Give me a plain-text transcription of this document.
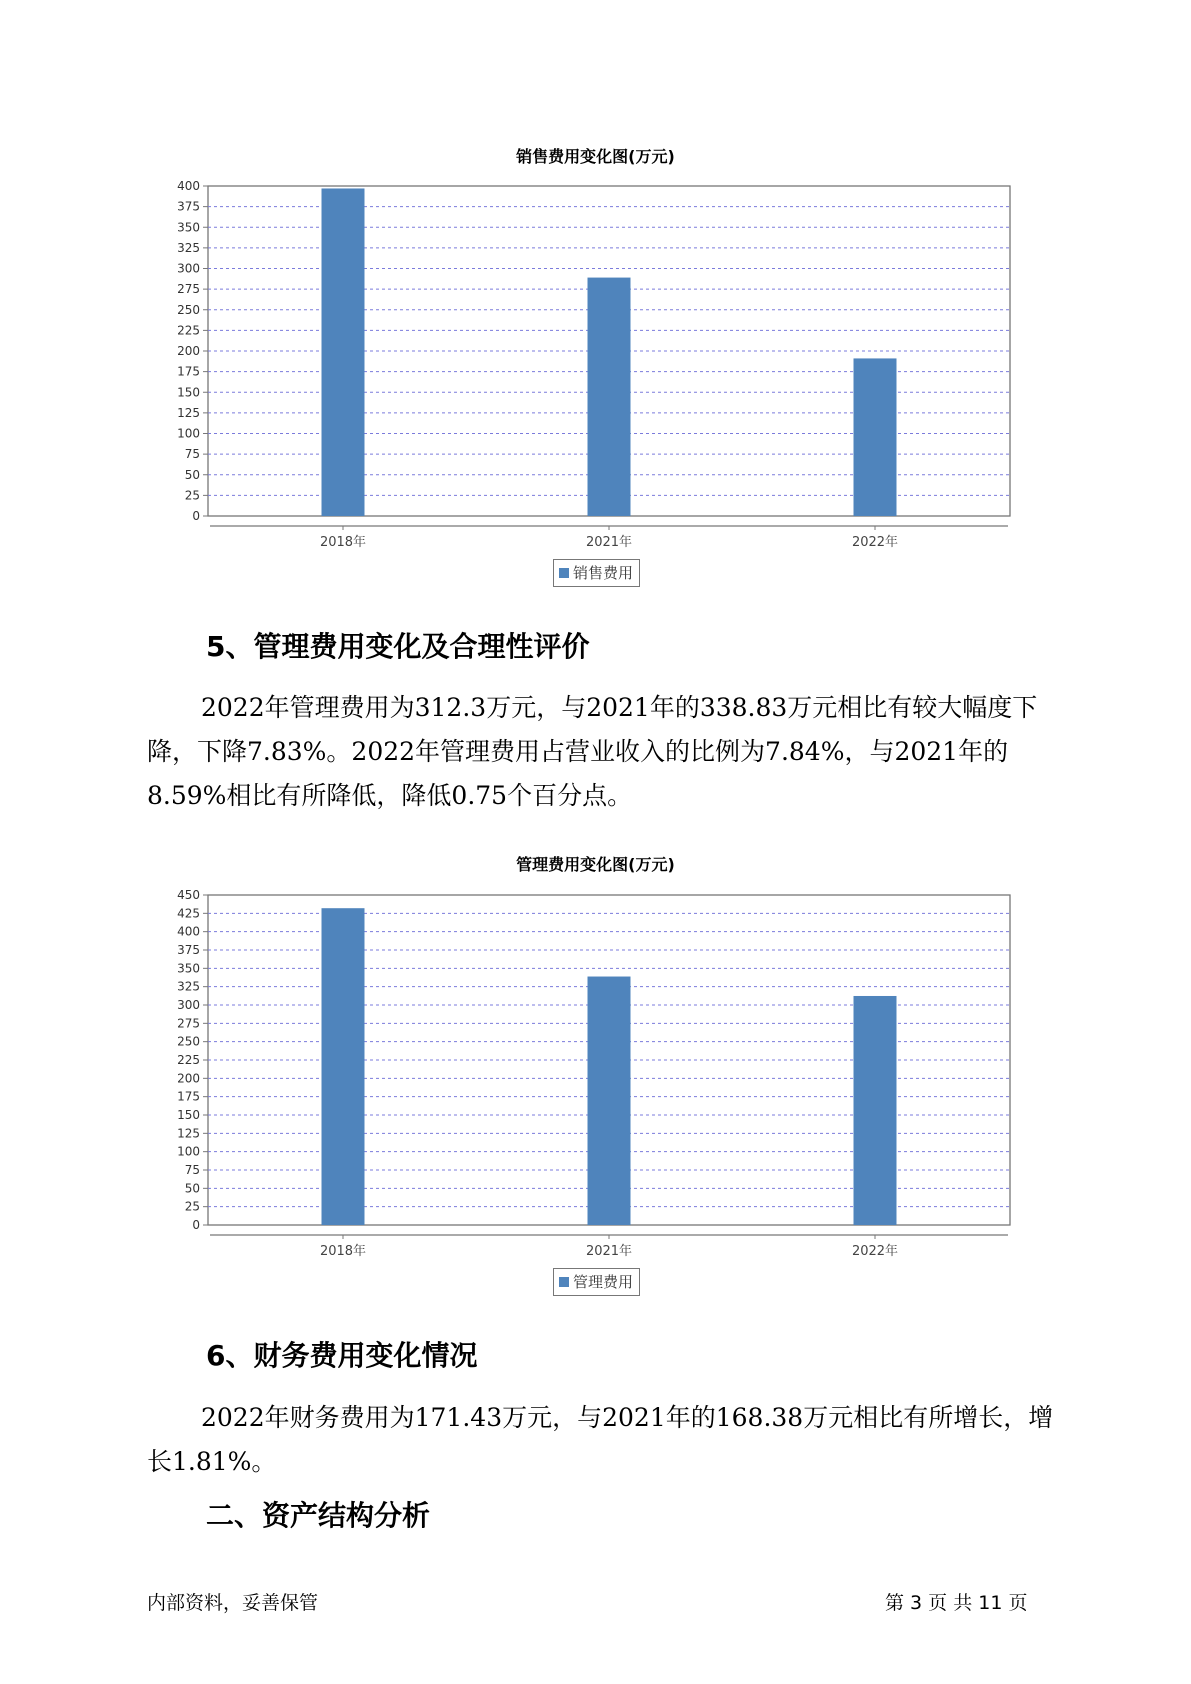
销售费用变化图(万元)
0
25
50
75
100
125
150
175
200
225
250
275
300
325
350
375
400
2018年	2021年	2022年
销售费用
5、管理费用变化及合理性评价

2022年管理费用为312.3万元，与2021年的338.83万元相比有较大幅度下降，下降7.83%。2022年管理费用占营业收入的比例为7.84%，与2021年的8.59%相比有所降低，降低0.75个百分点。

管理费用变化图(万元)
0
25
50
75
100
125
150
175
200
225
250
275
300
325
350
375
400
425
450
2018年	2021年	2022年
管理费用
6、财务费用变化情况

2022年财务费用为171.43万元，与2021年的168.38万元相比有所增长，增长1.81%。

二、资产结构分析
内部资料，妥善保管	第 3 页 共 11 页
